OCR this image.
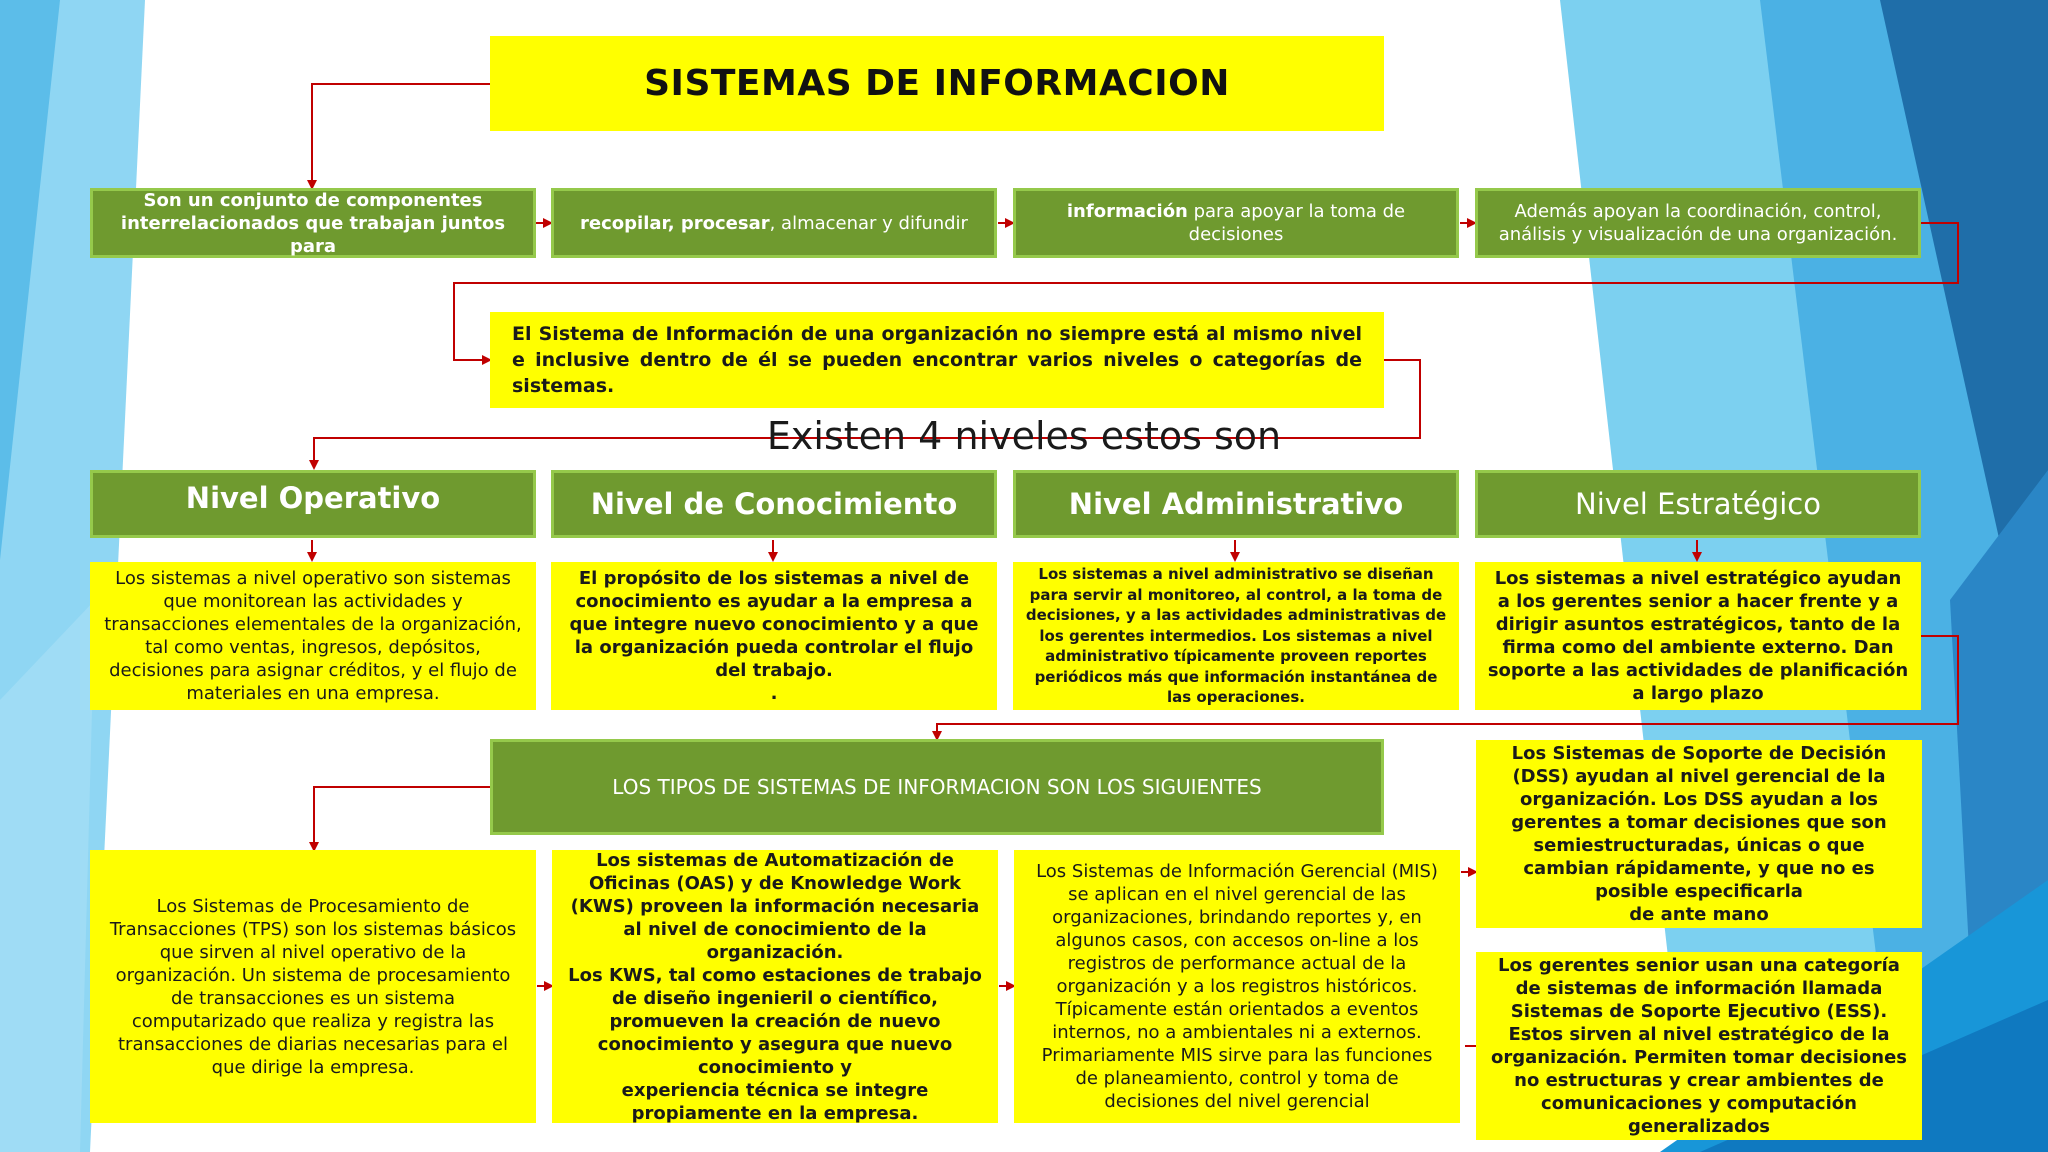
SISTEMAS DE INFORMACION
Son un conjunto de componentes interrelacionados que trabajan juntos para
recopilar, procesar, almacenar y difundir
información para apoyar la toma de decisiones
Además apoyan la coordinación, control, análisis y visualización de una organización.
El Sistema de Información de una organización no siempre está al mismo nivel e inclusive dentro de él se pueden encontrar varios niveles o categorías de sistemas.
Existen 4 niveles estos son
Nivel Operativo	Nivel de Conocimiento	Nivel Administrativo	Nivel Estratégico
Los sistemas a nivel operativo son sistemas que monitorean las actividades y transacciones elementales de la organización, tal como ventas, ingresos, depósitos, decisiones para asignar créditos, y el flujo de materiales en una empresa.
El propósito de los sistemas a nivel de conocimiento es ayudar a la empresa a que integre nuevo conocimiento y a que la organización pueda controlar el flujo del trabajo.
.
Los sistemas a nivel administrativo se diseñan para servir al monitoreo, al control, a la toma de decisiones, y a las actividades administrativas de los gerentes intermedios. Los sistemas a nivel administrativo típicamente proveen reportes periódicos más que información instantánea de las operaciones.
Los sistemas a nivel estratégico ayudan a los gerentes senior a hacer frente y a dirigir asuntos estratégicos, tanto de la firma como del ambiente externo. Dan soporte a las actividades de planificación a largo plazo
LOS TIPOS DE SISTEMAS DE INFORMACION SON LOS SIGUIENTES
Los Sistemas de Procesamiento de Transacciones (TPS) son los sistemas básicos que sirven al nivel operativo de la organización. Un sistema de procesamiento de transacciones es un sistema computarizado que realiza y registra las transacciones de diarias necesarias para el que dirige la empresa.
Los sistemas de Automatización de Oficinas (OAS) y de Knowledge Work (KWS) proveen la información necesaria al nivel de conocimiento de la organización.
Los KWS, tal como estaciones de trabajo de diseño ingenieril o científico,
promueven la creación de nuevo conocimiento y asegura que nuevo conocimiento y
experiencia técnica se integre propiamente en la empresa.
Los Sistemas de Información Gerencial (MIS) se aplican en el nivel gerencial de las organizaciones, brindando reportes y, en algunos casos, con accesos on-line a los registros de performance actual de la organización y a los registros históricos. Típicamente están orientados a eventos internos, no a ambientales ni a externos. Primariamente MIS sirve para las funciones de planeamiento, control y toma de decisiones del nivel gerencial
Los Sistemas de Soporte de Decisión (DSS) ayudan al nivel gerencial de la organización. Los DSS ayudan a los gerentes a tomar decisiones que son semiestructuradas, únicas o que cambian rápidamente, y que no es posible especificarla
de ante mano
Los gerentes senior usan una categoría de sistemas de información llamada Sistemas de Soporte Ejecutivo (ESS). Estos sirven al nivel estratégico de la organización. Permiten tomar decisiones no estructuras y crear ambientes de comunicaciones y computación generalizados
